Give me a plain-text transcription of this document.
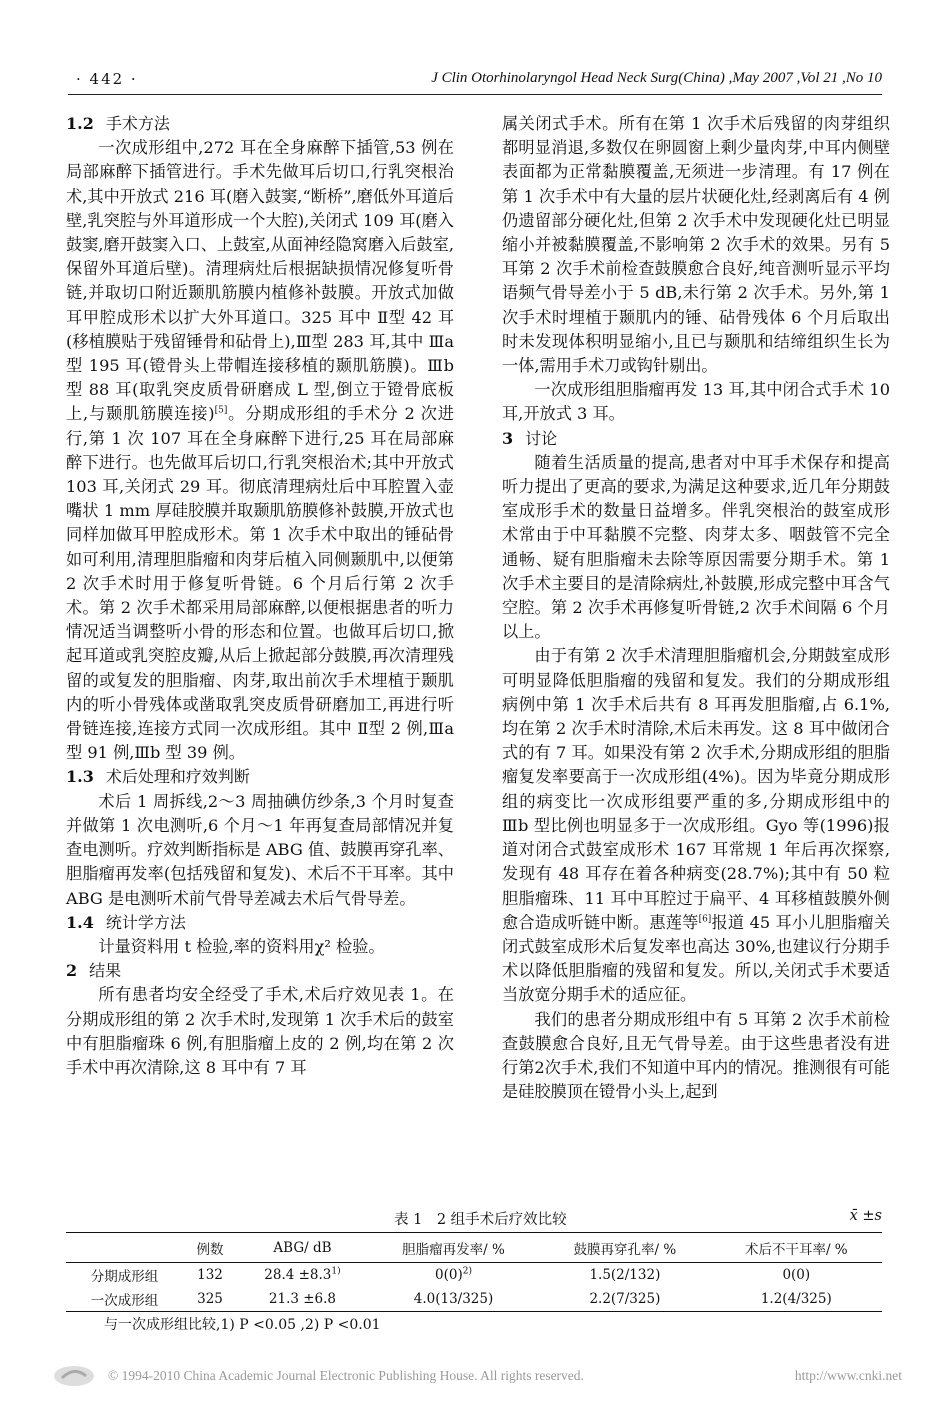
· 442 ·	J Clin Otorhinolaryngol Head Neck Surg(China) ,May 2007 ,Vol 21 ,No 10
1.2 手术方法

一次成形组中,272 耳在全身麻醉下插管,53 例在局部麻醉下插管进行。手术先做耳后切口,行乳突根治术,其中开放式 216 耳(磨入鼓窦,“断桥”,磨低外耳道后壁,乳突腔与外耳道形成一个大腔),关闭式 109 耳(磨入鼓窦,磨开鼓窦入口、上鼓室,从面神经隐窝磨入后鼓室,保留外耳道后壁)。清理病灶后根据缺损情况修复听骨链,并取切口附近颞肌筋膜内植修补鼓膜。开放式加做耳甲腔成形术以扩大外耳道口。325 耳中 Ⅱ型 42 耳(移植膜贴于残留锤骨和砧骨上),Ⅲ型 283 耳,其中 Ⅲa 型 195 耳(镫骨头上带帽连接移植的颞肌筋膜)。Ⅲb 型 88 耳(取乳突皮质骨研磨成 L 型,倒立于镫骨底板上,与颞肌筋膜连接)[5]。分期成形组的手术分 2 次进行,第 1 次 107 耳在全身麻醉下进行,25 耳在局部麻醉下进行。也先做耳后切口,行乳突根治术;其中开放式 103 耳,关闭式 29 耳。彻底清理病灶后中耳腔置入壶嘴状 1 mm 厚硅胶膜并取颞肌筋膜修补鼓膜,开放式也同样加做耳甲腔成形术。第 1 次手术中取出的锤砧骨如可利用,清理胆脂瘤和肉芽后植入同侧颞肌中,以便第 2 次手术时用于修复听骨链。6 个月后行第 2 次手术。第 2 次手术都采用局部麻醉,以便根据患者的听力情况适当调整听小骨的形态和位置。也做耳后切口,掀起耳道或乳突腔皮瓣,从后上掀起部分鼓膜,再次清理残留的或复发的胆脂瘤、肉芽,取出前次手术埋植于颞肌内的听小骨残体或凿取乳突皮质骨研磨加工,再进行听骨链连接,连接方式同一次成形组。其中 Ⅱ型 2 例,Ⅲa 型 91 例,Ⅲb 型 39 例。

1.3 术后处理和疗效判断

术后 1 周拆线,2～3 周抽碘仿纱条,3 个月时复查并做第 1 次电测听,6 个月～1 年再复查局部情况并复查电测听。疗效判断指标是 ABG 值、鼓膜再穿孔率、胆脂瘤再发率(包括残留和复发)、术后不干耳率。其中 ABG 是电测听术前气骨导差减去术后气骨导差。

1.4 统计学方法

计量资料用 t 检验,率的资料用χ² 检验。

2 结果

所有患者均安全经受了手术,术后疗效见表 1。在分期成形组的第 2 次手术时,发现第 1 次手术后的鼓室中有胆脂瘤珠 6 例,有胆脂瘤上皮的 2 例,均在第 2 次手术中再次清除,这 8 耳中有 7 耳

属关闭式手术。所有在第 1 次手术后残留的肉芽组织都明显消退,多数仅在卵圆窗上剩少量肉芽,中耳内侧壁表面都为正常黏膜覆盖,无须进一步清理。有 17 例在第 1 次手术中有大量的层片状硬化灶,经剥离后有 4 例仍遗留部分硬化灶,但第 2 次手术中发现硬化灶已明显缩小并被黏膜覆盖,不影响第 2 次手术的效果。另有 5 耳第 2 次手术前检查鼓膜愈合良好,纯音测听显示平均语频气骨导差小于 5 dB,未行第 2 次手术。另外,第 1 次手术时埋植于颞肌内的锤、砧骨残体 6 个月后取出时未发现体积明显缩小,且已与颞肌和结缔组织生长为一体,需用手术刀或钩针剔出。

一次成形组胆脂瘤再发 13 耳,其中闭合式手术 10 耳,开放式 3 耳。

3 讨论

随着生活质量的提高,患者对中耳手术保存和提高听力提出了更高的要求,为满足这种要求,近几年分期鼓室成形手术的数量日益增多。伴乳突根治的鼓室成形术常由于中耳黏膜不完整、肉芽太多、咽鼓管不完全通畅、疑有胆脂瘤未去除等原因需要分期手术。第 1 次手术主要目的是清除病灶,补鼓膜,形成完整中耳含气空腔。第 2 次手术再修复听骨链,2 次手术间隔 6 个月以上。

由于有第 2 次手术清理胆脂瘤机会,分期鼓室成形可明显降低胆脂瘤的残留和复发。我们的分期成形组病例中第 1 次手术后共有 8 耳再发胆脂瘤,占 6.1%,均在第 2 次手术时清除,术后未再发。这 8 耳中做闭合式的有 7 耳。如果没有第 2 次手术,分期成形组的胆脂瘤复发率要高于一次成形组(4%)。因为毕竟分期成形组的病变比一次成形组要严重的多,分期成形组中的 Ⅲb 型比例也明显多于一次成形组。Gyo 等(1996)报道对闭合式鼓室成形术 167 耳常规 1 年后再次探察,发现有 48 耳存在着各种病变(28.7%);其中有 50 粒胆脂瘤珠、11 耳中耳腔过于扁平、4 耳移植鼓膜外侧愈合造成听链中断。惠莲等[6]报道 45 耳小儿胆脂瘤关闭式鼓室成形术后复发率也高达 30%,也建议行分期手术以降低胆脂瘤的残留和复发。所以,关闭式手术要适当放宽分期手术的适应征。

我们的患者分期成形组中有 5 耳第 2 次手术前检查鼓膜愈合良好,且无气骨导差。由于这些患者没有进行第2次手术,我们不知道中耳内的情况。推测很有可能是硅胶膜顶在镫骨小头上,起到

表 1　2 组手术后疗效比较	x̄ ±s
	例数	ABG/ dB	胆脂瘤再发率/ %	鼓膜再穿孔率/ %	术后不干耳率/ %
分期成形组	132	$28.4 \pm 8.3^{1)}$	$0(0)^{2)}$	1.5(2/132)	0(0)
一次成形组	325	21.3 ±6.8	4.0(13/325)	2.2(7/325)	1.2(4/325)
与一次成形组比较,1) P <0.05 ,2) P <0.01
© 1994-2010 China Academic Journal Electronic Publishing House. All rights reserved.	http://www.cnki.net
